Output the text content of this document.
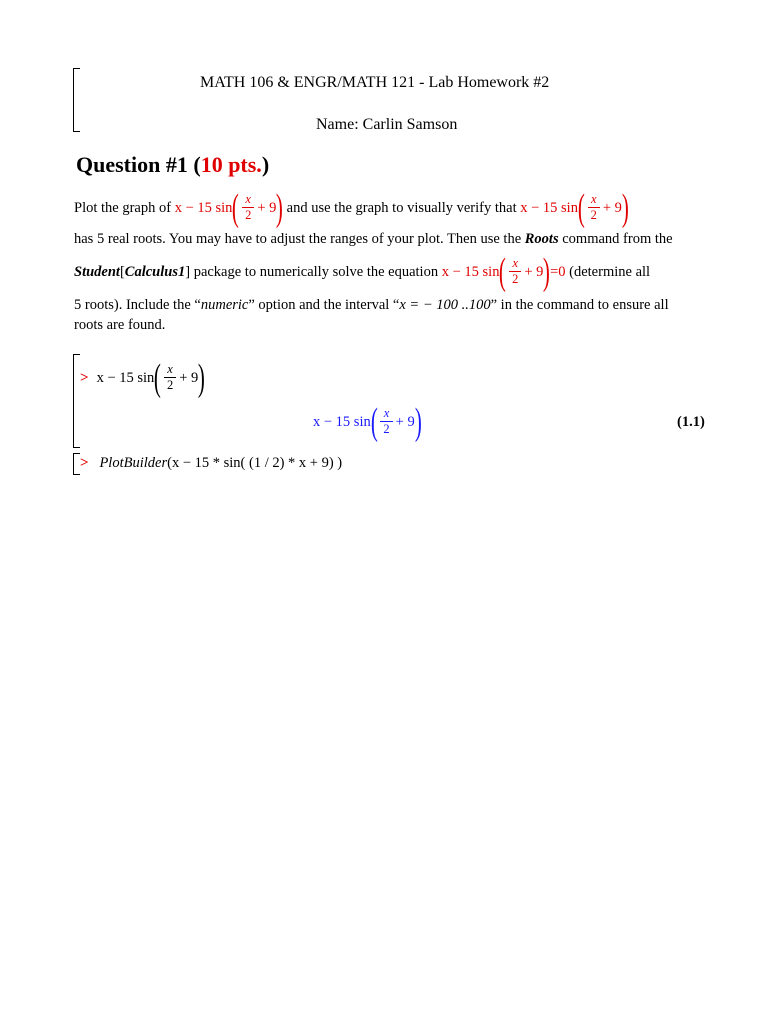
MATH 106 & ENGR/MATH 121 - Lab Homework #2
Name: Carlin Samson
Question #1 (10 pts.)
Plot the graph of
x − 15 sin ( $\frac{x}{2} + 9$ )
and use the graph to visually verify that
x − 15 sin ( $\frac{x}{2} + 9$ )
has 5 real roots. You may have to adjust the ranges of your plot. Then use the Roots command from the
Student [ Calculus1 ]
package to numerically solve the equation
x − 15 sin ( $\frac{x}{2} + 9$ ) =0
(determine all
5 roots). Include the “numeric” option and the interval “x = − 100 ..100” in the command to ensure all
roots are found.
>
x − 15 sin ( $\frac{x}{2} + 9$ )
x − 15 sin ( $\frac{x}{2} + 9$ )	(1.1)
> PlotBuilder(x − 15 * sin( (1 / 2) * x + 9) )
